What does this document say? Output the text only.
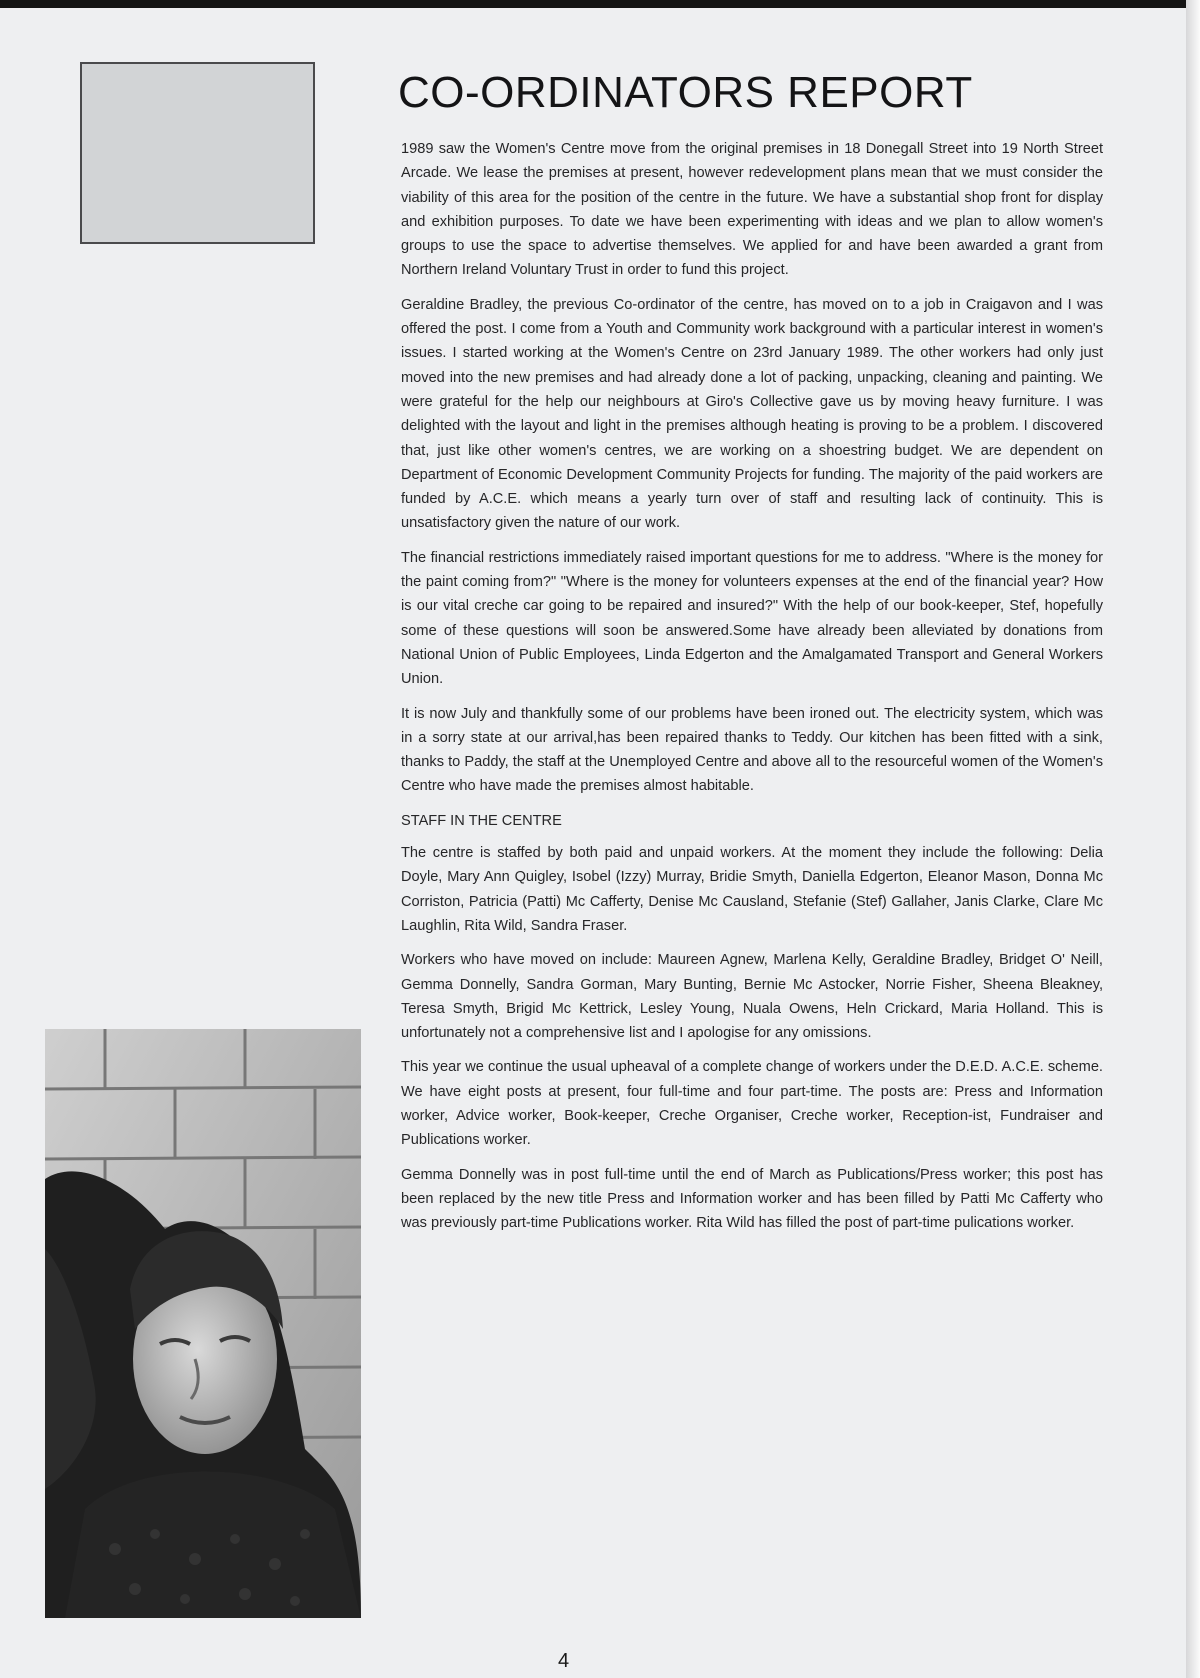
CO-ORDINATORS REPORT

1989 saw the Women's Centre move from the original premises in 18 Donegall Street into 19 North Street Arcade. We lease the premises at present, however redevelopment plans mean that we must consider the viability of this area for the position of the centre in the future. We have a substantial shop front for display and exhibition purposes. To date we have been experimenting with ideas and we plan to allow women's groups to use the space to advertise themselves. We applied for and have been awarded a grant from Northern Ireland Voluntary Trust in order to fund this project.

Geraldine Bradley, the previous Co-ordinator of the centre, has moved on to a job in Craigavon and I was offered the post. I come from a Youth and Community work background with a particular interest in women's issues. I started working at the Women's Centre on 23rd January 1989. The other workers had only just moved into the new premises and had already done a lot of packing, unpacking, cleaning and painting. We were grateful for the help our neighbours at Giro's Collective gave us by moving heavy furniture. I was delighted with the layout and light in the premises although heating is proving to be a problem. I discovered that, just like other women's centres, we are working on a shoestring budget. We are dependent on Department of Economic Development Community Projects for funding. The majority of the paid workers are funded by A.C.E. which means a yearly turn over of staff and resulting lack of continuity. This is unsatisfactory given the nature of our work.

The financial restrictions immediately raised important questions for me to address. "Where is the money for the paint coming from?" "Where is the money for volunteers expenses at the end of the financial year? How is our vital creche car going to be repaired and insured?" With the help of our book-keeper, Stef, hopefully some of these questions will soon be answered.Some have already been alleviated by donations from National Union of Public Employees, Linda Edgerton and the Amalgamated Transport and General Workers Union.

It is now July and thankfully some of our problems have been ironed out. The electricity system, which was in a sorry state at our arrival,has been repaired thanks to Teddy. Our kitchen has been fitted with a sink, thanks to Paddy, the staff at the Unemployed Centre and above all to the resourceful women of the Women's Centre who have made the premises almost habitable.

STAFF IN THE CENTRE

The centre is staffed by both paid and unpaid workers. At the moment they include the following: Delia Doyle, Mary Ann Quigley, Isobel (Izzy) Murray, Bridie Smyth, Daniella Edgerton, Eleanor Mason, Donna Mc Corriston, Patricia (Patti) Mc Cafferty, Denise Mc Causland, Stefanie (Stef) Gallaher, Janis Clarke, Clare Mc Laughlin, Rita Wild, Sandra Fraser.

Workers who have moved on include: Maureen Agnew, Marlena Kelly, Geraldine Bradley, Bridget O' Neill, Gemma Donnelly, Sandra Gorman, Mary Bunting, Bernie Mc Astocker, Norrie Fisher, Sheena Bleakney, Teresa Smyth, Brigid Mc Kettrick, Lesley Young, Nuala Owens, Heln Crickard, Maria Holland. This is unfortunately not a comprehensive list and I apologise for any omissions.

This year we continue the usual upheaval of a complete change of workers under the D.E.D. A.C.E. scheme. We have eight posts at present, four full-time and four part-time. The posts are: Press and Information worker, Advice worker, Book-keeper, Creche Organiser, Creche worker, Reception-ist, Fundraiser and Publications worker.

Gemma Donnelly was in post full-time until the end of March as Publications/Press worker; this post has been replaced by the new title Press and Information worker and has been filled by Patti Mc Cafferty who was previously part-time Publications worker. Rita Wild has filled the post of part-time pulications worker.

4
